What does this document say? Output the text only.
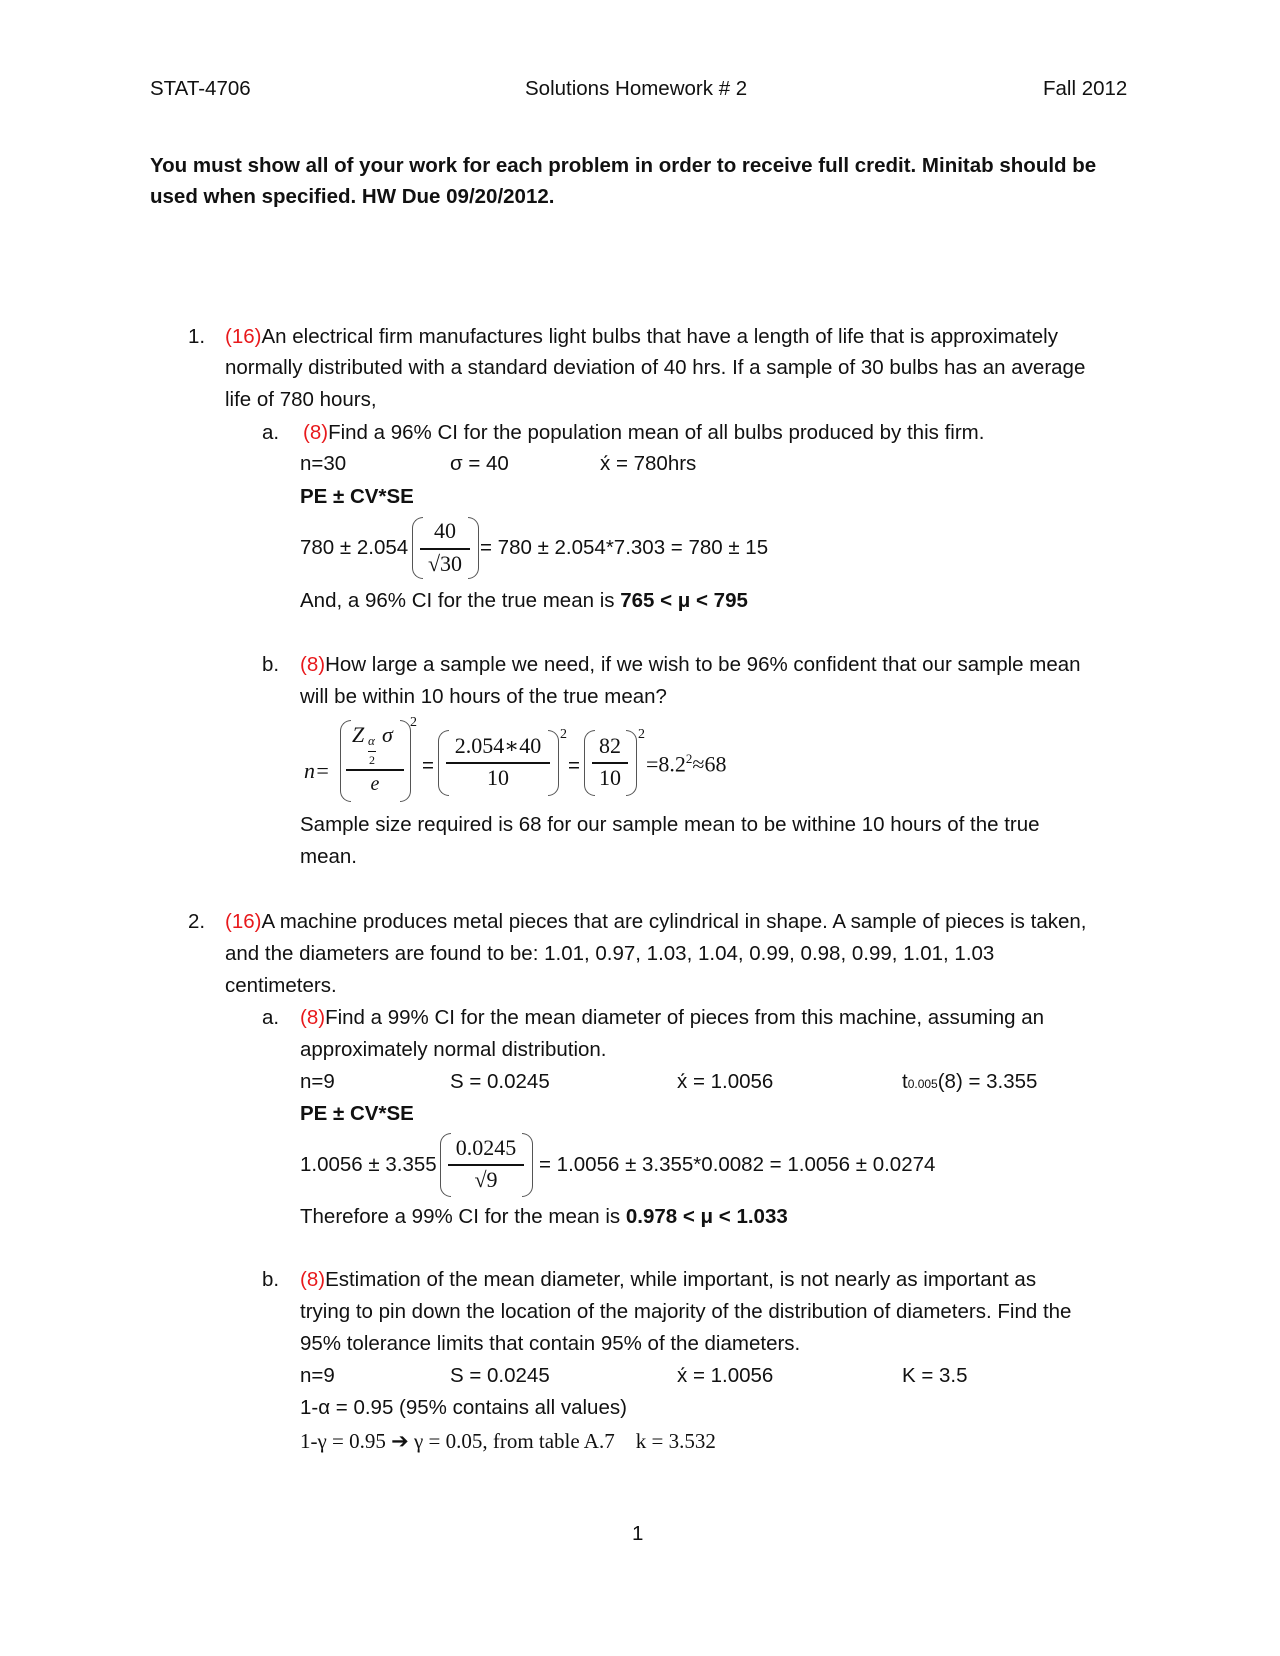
STAT-4706	Solutions Homework # 2	Fall 2012
You must show all of your work for each problem in order to receive full credit. Minitab should be
used when specified. HW Due 09/20/2012.
1. (16)An electrical firm manufactures light bulbs that have a length of life that is approximately
normally distributed with a standard deviation of 40 hrs. If a sample of 30 bulbs has an average
life of 780 hours,
a. (8)Find a 96% CI for the population mean of all bulbs produced by this firm.
n=30	σ = 40	x́ = 780hrs
PE ± CV*SE
780 ± 2.054
40
√30
= 780 ± 2.054*7.303 = 780 ± 15
And, a 96% CI for the true mean is 765 < μ < 795
b. (8)How large a sample we need, if we wish to be 96% confident that our sample mean
will be within 10 hours of the true mean?
n=
Z α
2
σ
e
2
=
2.054∗40
10
2
=
82
10
2
$=8.2^2\approx 68$
Sample size required is 68 for our sample mean to be withine 10 hours of the true
mean.
2. (16)A machine produces metal pieces that are cylindrical in shape. A sample of pieces is taken,
and the diameters are found to be: 1.01, 0.97, 1.03, 1.04, 0.99, 0.98, 0.99, 1.01, 1.03
centimeters.
a. (8)Find a 99% CI for the mean diameter of pieces from this machine, assuming an
approximately normal distribution.
n=9	S = 0.0245	x́ = 1.0056	t0.005(8) = 3.355
PE ± CV*SE
1.0056 ± 3.355
0.0245
√9
= 1.0056 ± 3.355*0.0082 = 1.0056 ± 0.0274
Therefore a 99% CI for the mean is 0.978 < μ < 1.033
b. (8)Estimation of the mean diameter, while important, is not nearly as important as
trying to pin down the location of the majority of the distribution of diameters. Find the
95% tolerance limits that contain 95% of the diameters.
n=9	S = 0.0245	x́ = 1.0056	K = 3.5
1-α = 0.95 (95% contains all values)
1-γ = 0.95 ➔ γ = 0.05, from table A.7    k = 3.532
1
